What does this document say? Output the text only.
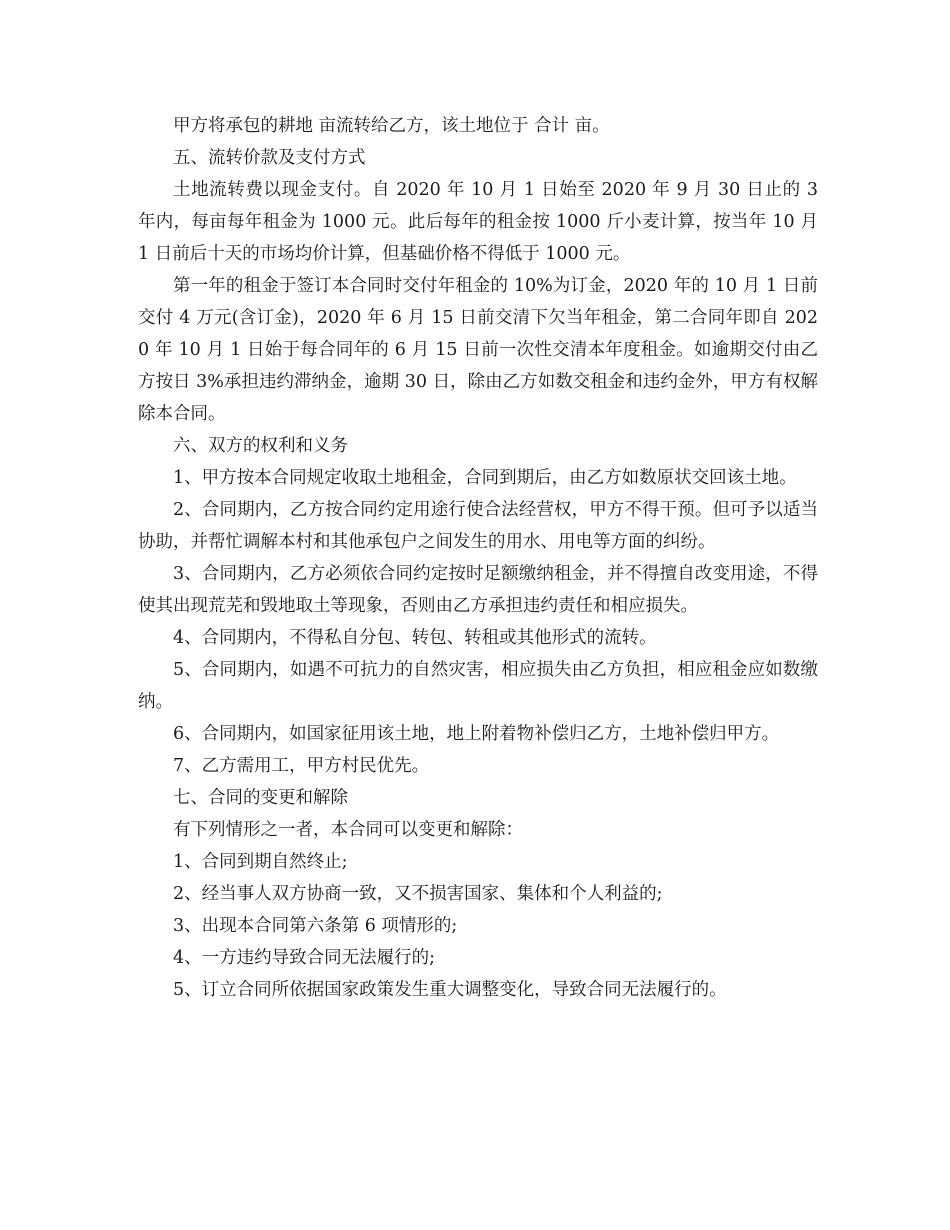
甲方将承包的耕地 亩流转给乙方，该土地位于 合计 亩。

五、流转价款及支付方式

土地流转费以现金支付。自 2020 年 10 月 1 日始至 2020 年 9 月 30 日止的 3 年内，每亩每年租金为 1000 元。此后每年的租金按 1000 斤小麦计算，按当年 10 月 1 日前后十天的市场均价计算，但基础价格不得低于 1000 元。

第一年的租金于签订本合同时交付年租金的 10%为订金，2020 年的 10 月 1 日前交付 4 万元(含订金)，2020 年 6 月 15 日前交清下欠当年租金，第二合同年即自 2020 年 10 月 1 日始于每合同年的 6 月 15 日前一次性交清本年度租金。如逾期交付由乙方按日 3%承担违约滞纳金，逾期 30 日，除由乙方如数交租金和违约金外，甲方有权解除本合同。

六、双方的权利和义务

1、甲方按本合同规定收取土地租金，合同到期后，由乙方如数原状交回该土地。

2、合同期内，乙方按合同约定用途行使合法经营权，甲方不得干预。但可予以适当协助，并帮忙调解本村和其他承包户之间发生的用水、用电等方面的纠纷。

3、合同期内，乙方必须依合同约定按时足额缴纳租金，并不得擅自改变用途，不得使其出现荒芜和毁地取土等现象，否则由乙方承担违约责任和相应损失。

4、合同期内，不得私自分包、转包、转租或其他形式的流转。

5、合同期内，如遇不可抗力的自然灾害，相应损失由乙方负担，相应租金应如数缴纳。

6、合同期内，如国家征用该土地，地上附着物补偿归乙方，土地补偿归甲方。

7、乙方需用工，甲方村民优先。

七、合同的变更和解除

有下列情形之一者，本合同可以变更和解除：

1、合同到期自然终止;

2、经当事人双方协商一致，又不损害国家、集体和个人利益的;

3、出现本合同第六条第 6 项情形的;

4、一方违约导致合同无法履行的;

5、订立合同所依据国家政策发生重大调整变化，导致合同无法履行的。
